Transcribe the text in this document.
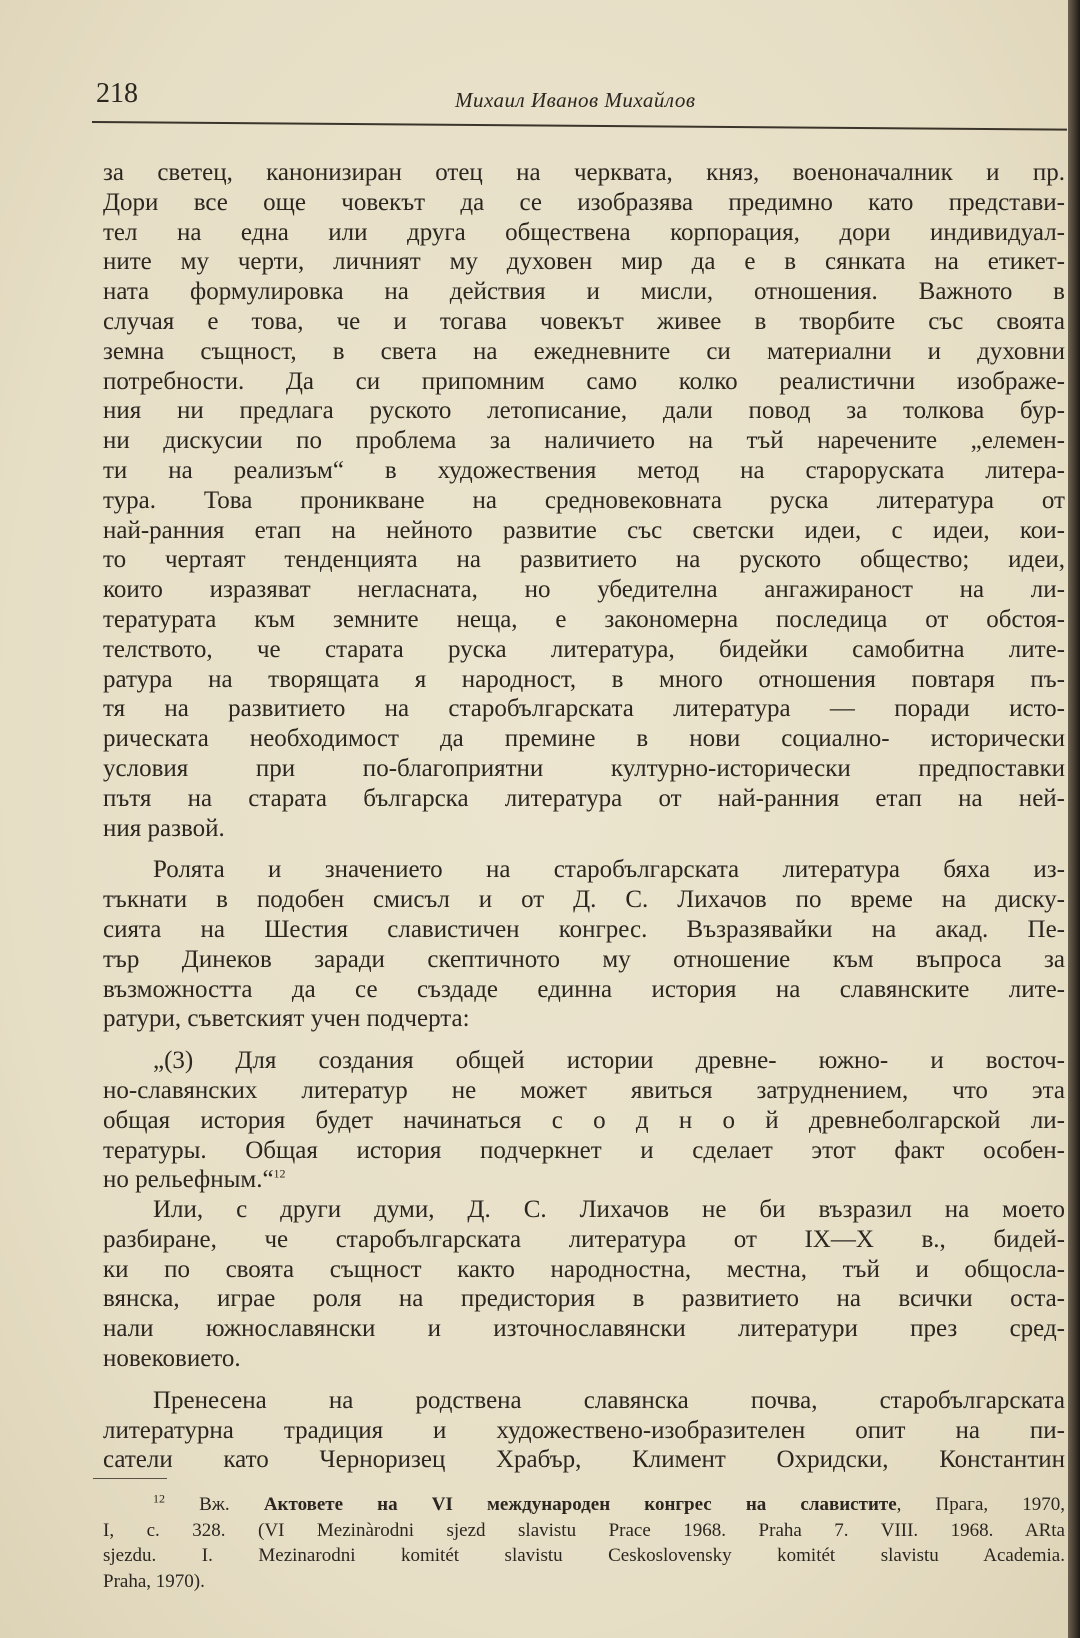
218	Михаил Иванов Михайлов
за светец, канонизиран отец на черквата, княз, военоначалник и пр.
Дори все още човекът да се изобразява предимно като представи-
тел на една или друга обществена корпорация, дори индивидуал-
ните му черти, личният му духовен мир да е в сянката на етикет-
ната формулировка на действия и мисли, отношения. Важното в
случая е това, че и тогава човекът живее в творбите със своята
земна същност, в света на ежедневните си материални и духовни
потребности. Да си припомним само колко реалистични изображе-
ния ни предлага руското летописание, дали повод за толкова бур-
ни дискусии по проблема за наличието на тъй наречените „елемен-
ти на реализъм“ в художествения метод на староруската литера-
тура. Това проникване на средновековната руска литература от
най-ранния етап на нейното развитие със светски идеи, с идеи, кои-
то чертаят тенденцията на развитието на руското общество; идеи,
които изразяват негласната, но убедителна ангажираност на ли-
тературата към земните неща, е закономерна последица от обстоя-
телството, че старата руска литература, бидейки самобитна лите-
ратура на творящата я народност, в много отношения повтаря пъ-
тя на развитието на старобългарската литература — поради исто-
рическата необходимост да премине в нови социално- исторически
условия при по-благоприятни културно-исторически предпоставки
пътя на старата българска литература от най-ранния етап на ней-
ния развой.
Ролята и значението на старобългарската литература бяха из-
тъкнати в подобен смисъл и от Д. С. Лихачов по време на диску-
сията на Шестия славистичен конгрес. Възразявайки на акад. Пе-
тър Динеков заради скептичното му отношение към въпроса за
възможността да се създаде единна история на славянските лите-
ратури, съветският учен подчерта:
„(3) Для создания общей истории древне- южно- и восточ-
но-славянских литератур не может явиться затруднением, что эта
общая история будет начинаться с о д н о й древнеболгарской ли-
тературы. Общая история подчеркнет и сделает этот факт особен-
но рельефным.“$^{12}$
Или, с други думи, Д. С. Лихачов не би възразил на моето
разбиране, че старобългарската литература от IX—X в., бидей-
ки по своята същност както народностна, местна, тъй и общосла-
вянска, играе роля на предистория в развитието на всички оста-
нали южнославянски и източнославянски литератури през сред-
новековието.
Пренесена на родствена славянска почва, старобългарската
литературна традиция и художествено-изобразителен опит на пи-
сатели като Черноризец Храбър, Климент Охридски, Константин
$^{12}$ Вж. Актовете на VI международен конгрес на славистите, Прага, 1970,
I, с. 328. (VI Mezinàrodni sjezd slavistu Prace 1968. Praha 7. VIII. 1968. ARta
sjezdu. I. Mezinarodni komitét slavistu Ceskoslovensky komitét slavistu Academia.
Praha, 1970).
